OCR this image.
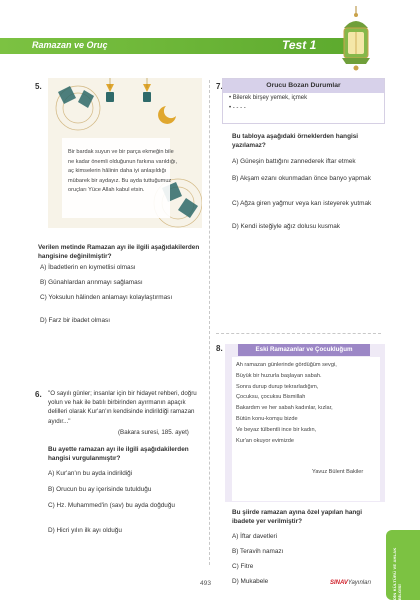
Ramazan ve Oruç	Test 1
5.
Bir bardak suyun ve bir parça ekmeğin bile ne kadar önemli olduğunun farkına varıldığı, aç kimselerin hâlinin daha iyi anlaşıldığı mübarek bir aydayız. Bu ayda tuttuğumuz oruçları Yüce Allah kabul etsin.
Verilen metinde Ramazan ayı ile ilgili aşağıdakilerden hangisine değinilmiştir?
A) İbadetlerin en kıymetlisi olması
B) Günahlardan arınmayı sağlaması
C) Yoksulun hâlinden anlamayı kolaylaştırması
D) Farz bir ibadet olması
6. "O sayılı günler; insanlar için bir hidayet rehberi, doğru yolun ve hak ile batılı birbirinden ayırmanın apaçık delilleri olarak Kur'an'ın kendisinde indirildiği ramazan ayıdır..."
(Bakara suresi, 185. ayet)
Bu ayette ramazan ayı ile ilgili aşağıdakilerden hangisi vurgulanmıştır?
A) Kur'an'ın bu ayda indirildiği
B) Orucun bu ay içerisinde tutulduğu
C) Hz. Muhammed'in (sav) bu ayda doğduğu
D) Hicri yılın ilk ayı olduğu
7.	Orucu Bozan Durumlar
• Bilerek birşey yemek, içmek
• - - - -
Bu tabloya aşağıdaki örneklerden hangisi yazılamaz?
A) Güneşin battığını zannederek iftar etmek
B) Akşam ezanı okunmadan önce banyo yapmak
C) Ağza giren yağmur veya karı isteyerek yutmak
D) Kendi isteğiyle ağız dolusu kusmak
8.	Eski Ramazanlar ve Çocukluğum
Ah ramazan günlerinde gördüğüm sevgi,
Büyük bir huzurla başlayan sabah.
Sonra durup durup tekrarladığım,
Çocuksu, çocuksu Bismillah
Bakardım ve her sabah kadınlar, kızlar,
Bütün konu-komşu bizde
Ve beyaz tülbentli ince bir kadın,
Kur'an okuyor evimizde
Yavuz Bülent Bakiler
Bu şiirde ramazan ayına özel yapılan hangi ibadete yer verilmiştir?
A) İftar davetleri
B) Teravih namazı
C) Fitre
D) Mukabele	DİN KÜLTÜRÜ VE AHLAK BİLGİSİ
493	SINAVYayınları
